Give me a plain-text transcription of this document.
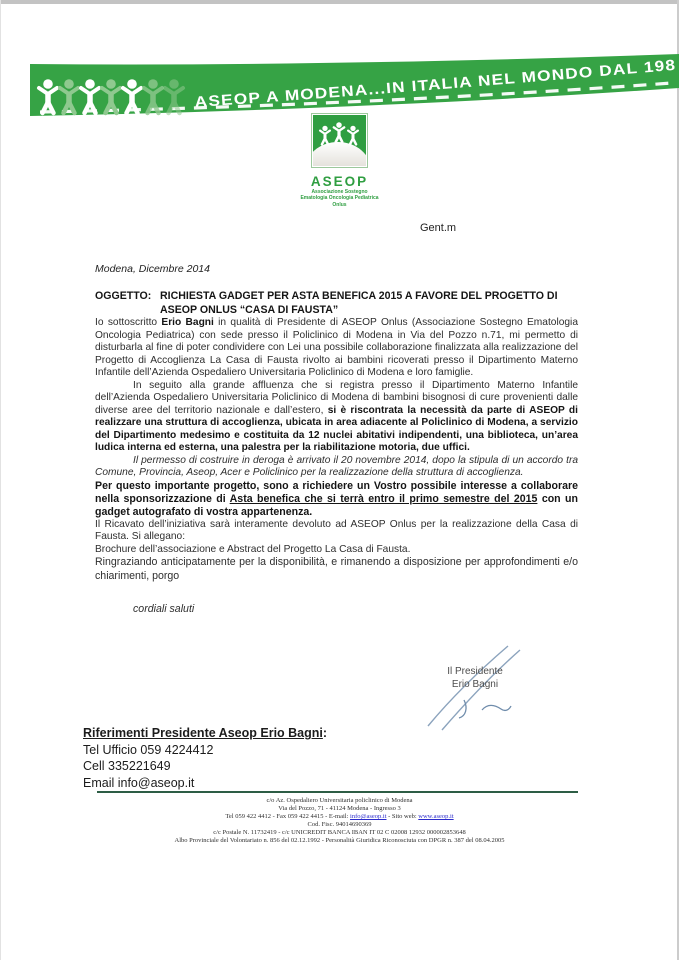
ASEOP A MODENA...IN ITALIA NEL MONDO DAL 198
ASEOP
Associazione Sostegno
Ematologia Oncologia Pediatrica
Onlus
Gent.m
Modena, Dicembre 2014
OGGETTO: RICHIESTA GADGET PER ASTA BENEFICA 2015 A FAVORE DEL PROGETTO DI ASEOP ONLUS “CASA DI FAUSTA”

Io sottoscritto Erio Bagni in qualità di Presidente di ASEOP Onlus (Associazione Sostegno Ematologia Oncologia Pediatrica) con sede presso il Policlinico di Modena in Via del Pozzo n.71, mi permetto di disturbarla al fine di poter condividere con Lei una possibile collaborazione finalizzata alla realizzazione del Progetto di Accoglienza La Casa di Fausta rivolto ai bambini ricoverati presso il Dipartimento Materno Infantile dell’Azienda Ospedaliero Universitaria Policlinico di Modena e loro famiglie.

In seguito alla grande affluenza che si registra presso il Dipartimento Materno Infantile dell’Azienda Ospedaliero Universitaria Policlinico di Modena di bambini bisognosi di cure provenienti dalle diverse aree del territorio nazionale e dall’estero, si è riscontrata la necessità da parte di ASEOP di realizzare una struttura di accoglienza, ubicata in area adiacente al Policlinico di Modena, a servizio del Dipartimento medesimo e costituita da 12 nuclei abitativi indipendenti, una biblioteca, un’area ludica interna ed esterna, una palestra per la riabilitazione motoria, due uffici.

Il permesso di costruire in deroga è arrivato il 20 novembre 2014, dopo la stipula di un accordo tra Comune, Provincia, Aseop, Acer e Policlinico per la realizzazione della struttura di accoglienza.

Per questo importante progetto, sono a richiedere un Vostro possibile interesse a collaborare nella sponsorizzazione di Asta benefica che si terrà entro il primo semestre del 2015 con un gadget autografato di vostra appartenenza.

Il Ricavato dell’iniziativa sarà interamente devoluto ad ASEOP Onlus per la realizzazione della Casa di Fausta. Si allegano:

Brochure dell’associazione e Abstract del Progetto La Casa di Fausta.

Ringraziando anticipatamente per la disponibilità, e rimanendo a disposizione per approfondimenti e/o chiarimenti, porgo

cordiali saluti
Il Presidente
Erio Bagni
Riferimenti Presidente Aseop Erio Bagni:
Tel Ufficio 059 4224412
Cell 335221649
Email info@aseop.it
c/o Az. Ospedaliero Universitaria policlinico di Modena
Via del Pozzo, 71 - 41124 Modena - Ingresso 3
Tel 059 422 4412 - Fax 059 422 4415 - E-mail: info@aseop.it - Sito web: www.aseop.it
Cod. Fisc. 94014690369
c/c Postale N. 11732419 - c/c UNICREDIT BANCA IBAN IT 02 C 02008 12932 000002853648
Albo Provinciale del Volontariato n. 856 del 02.12.1992 - Personalità Giuridica Riconosciuta con DPGR n. 387 del 08.04.2005
